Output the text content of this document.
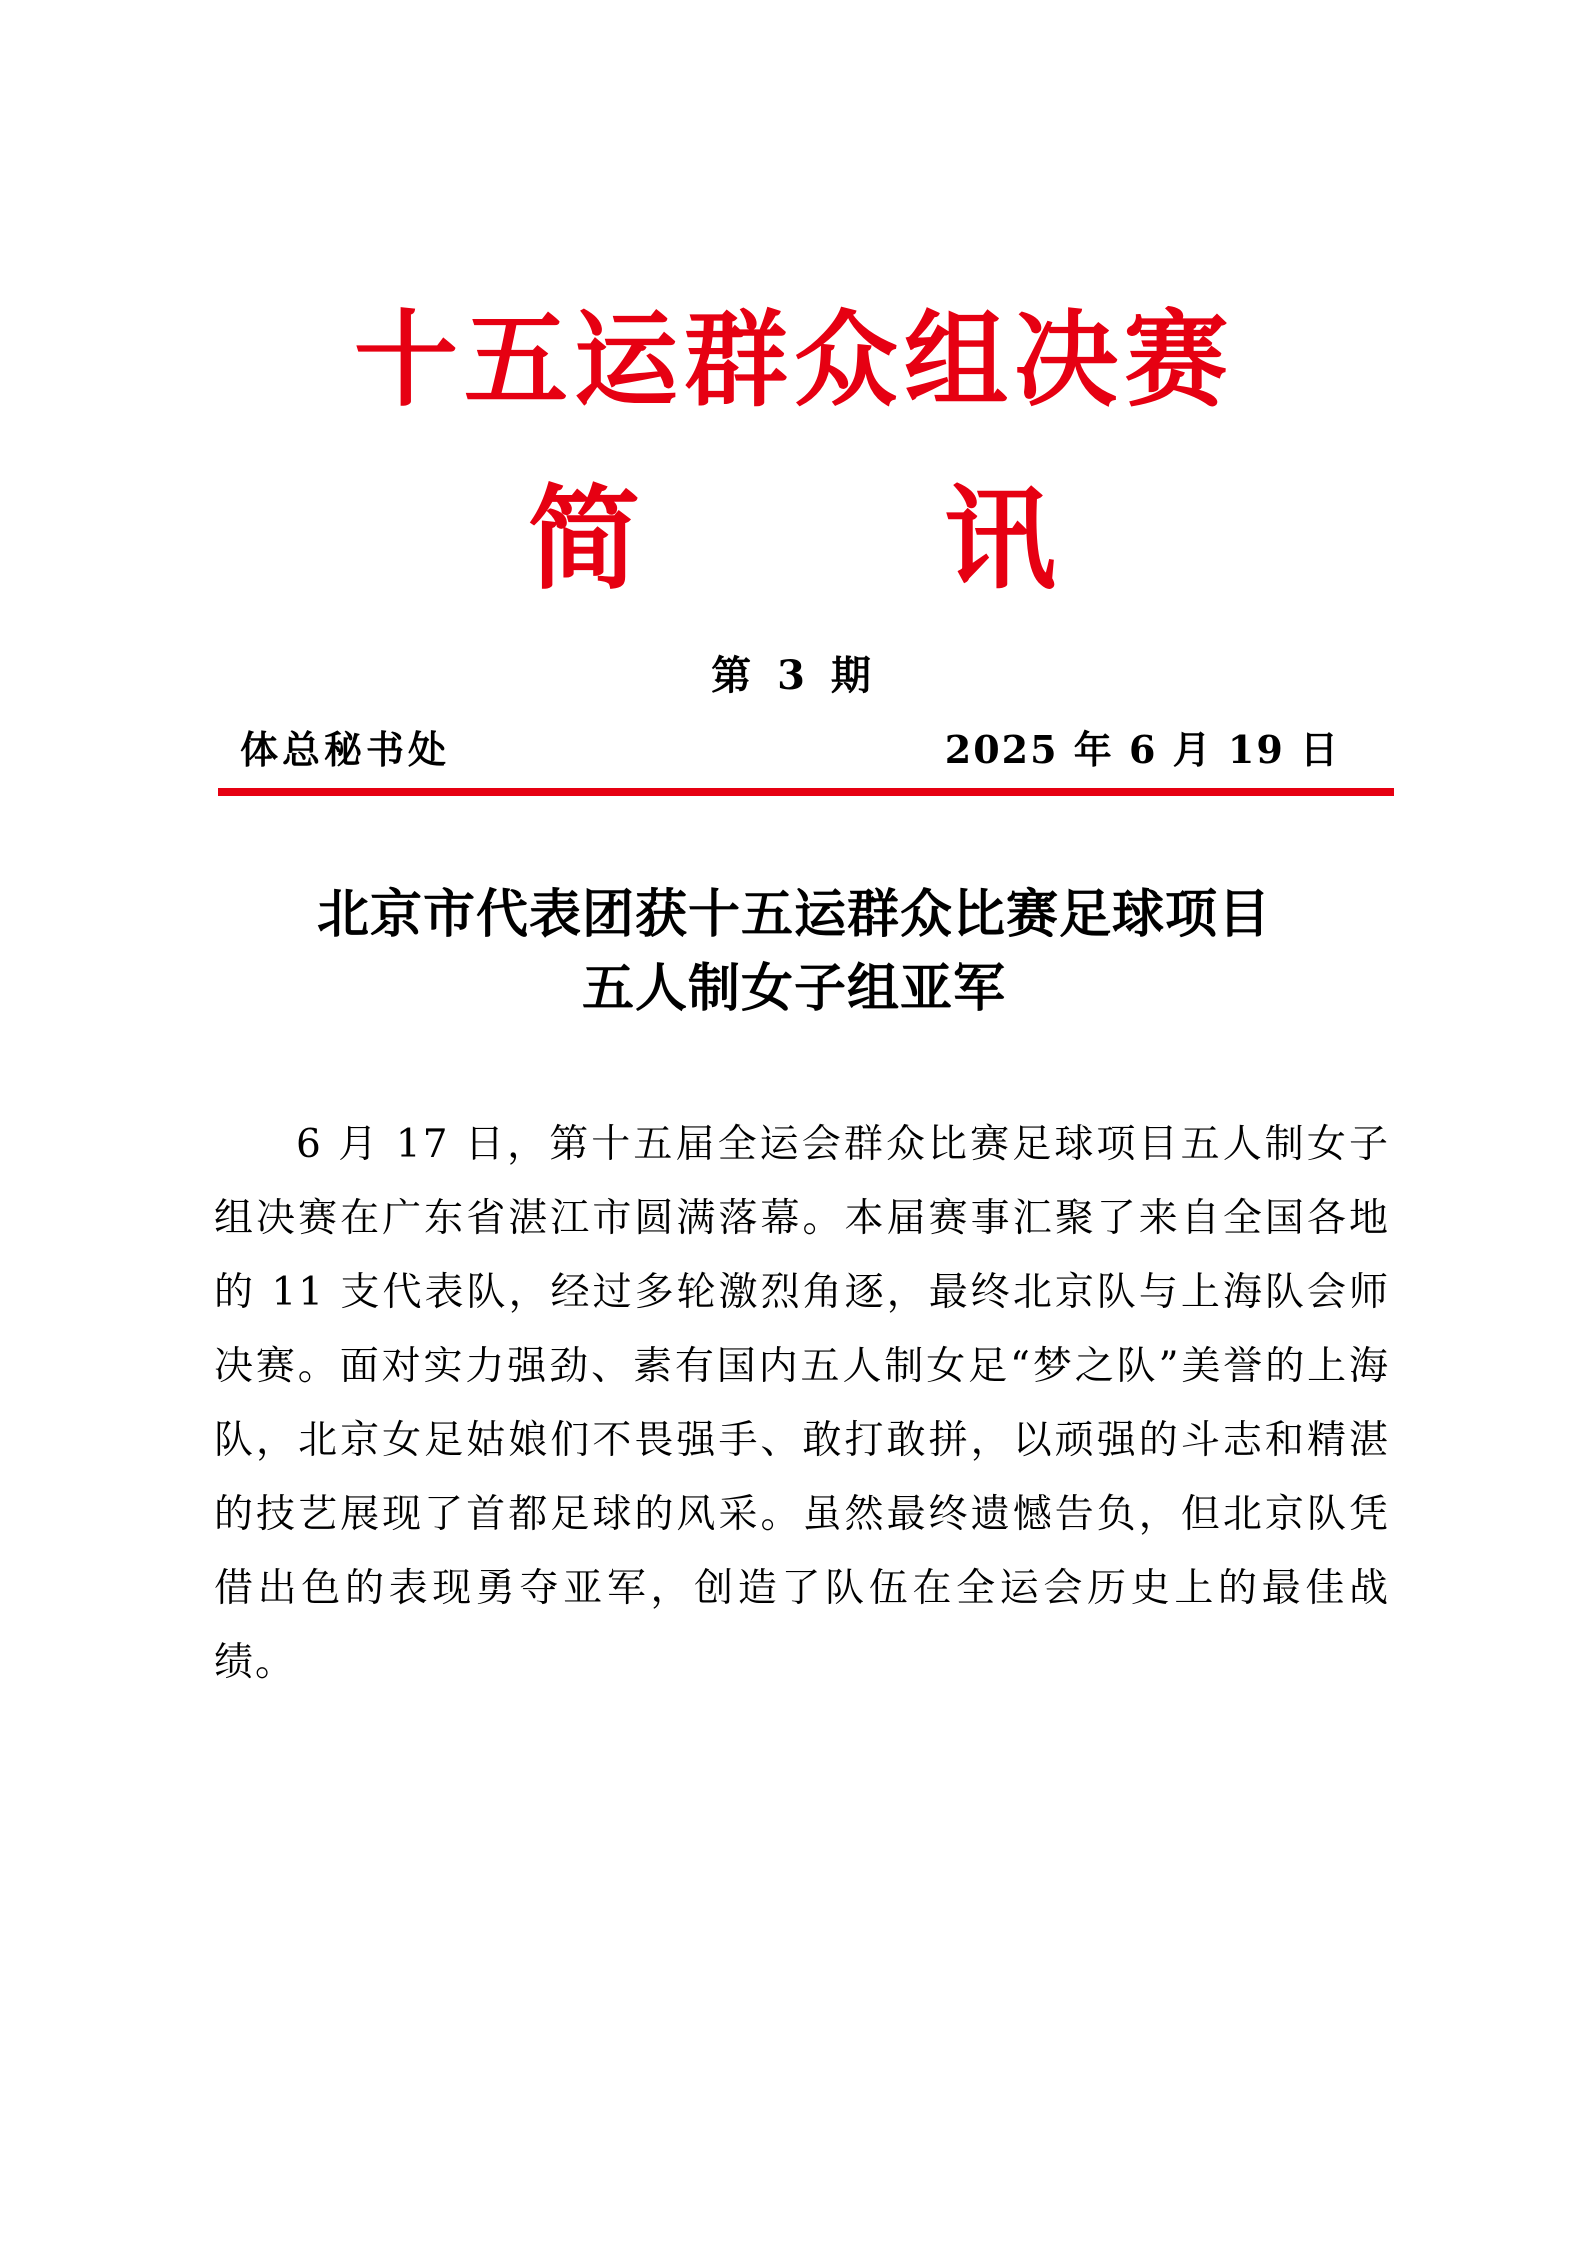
十五运群众组决赛
简	讯
第 3 期
体总秘书处	2025 年 6 月 19 日
北京市代表团获十五运群众比赛足球项目
五人制女子组亚军

6 月 17 日，第十五届全运会群众比赛足球项目五人制女子组决赛在广东省湛江市圆满落幕。本届赛事汇聚了来自全国各地的 11 支代表队，经过多轮激烈角逐，最终北京队与上海队会师决赛。面对实力强劲、素有国内五人制女足“梦之队”美誉的上海队，北京女足姑娘们不畏强手、敢打敢拼，以顽强的斗志和精湛的技艺展现了首都足球的风采。虽然最终遗憾告负，但北京队凭借出色的表现勇夺亚军，创造了队伍在全运会历史上的最佳战绩。
